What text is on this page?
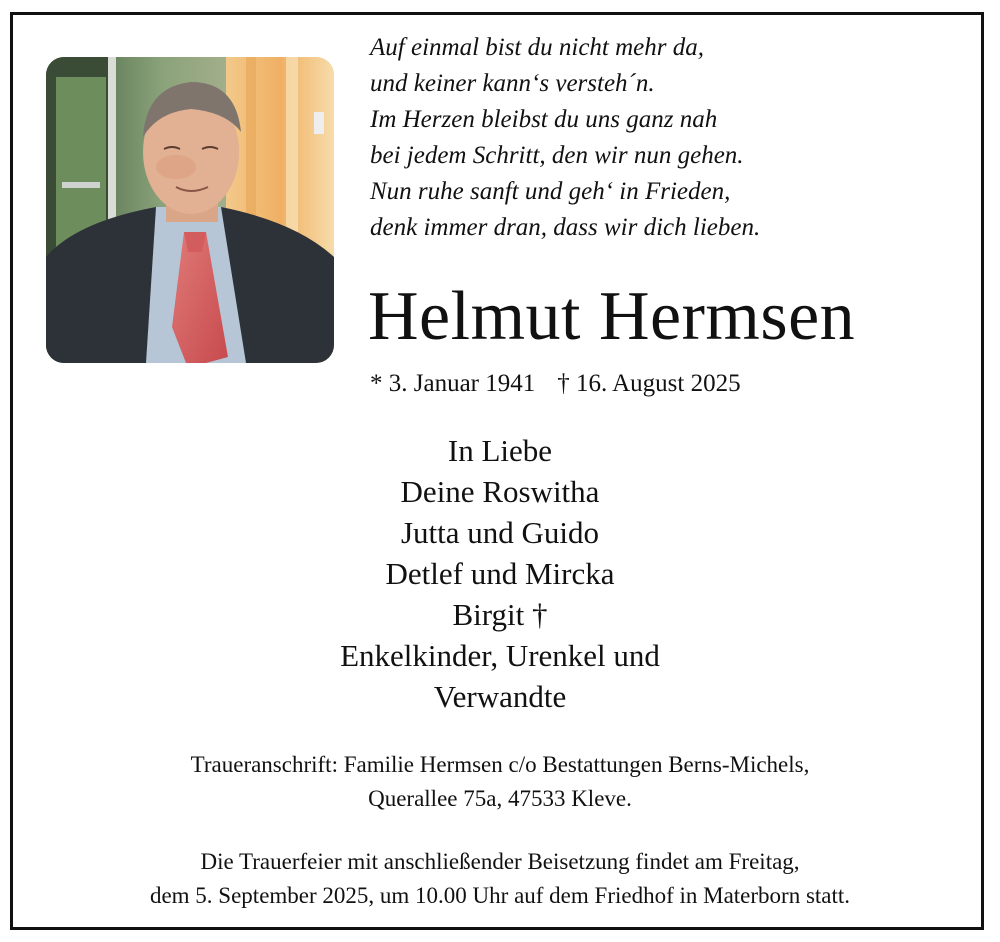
Auf einmal bist du nicht mehr da,
und keiner kann‘s versteh´n.
Im Herzen bleibst du uns ganz nah
bei jedem Schritt, den wir nun gehen.
Nun ruhe sanft und geh‘ in Frieden,
denk immer dran, dass wir dich lieben.
Helmut Hermsen
* 3. Januar 1941 † 16. August 2025
In Liebe
Deine Roswitha
Jutta und Guido
Detlef und Mircka
Birgit †
Enkelkinder, Urenkel und
Verwandte
Traueranschrift: Familie Hermsen c/o Bestattungen Berns-Michels,
Querallee 75a, 47533 Kleve.
Die Trauerfeier mit anschließender Beisetzung findet am Freitag,
dem 5. September 2025, um 10.00 Uhr auf dem Friedhof in Materborn statt.
